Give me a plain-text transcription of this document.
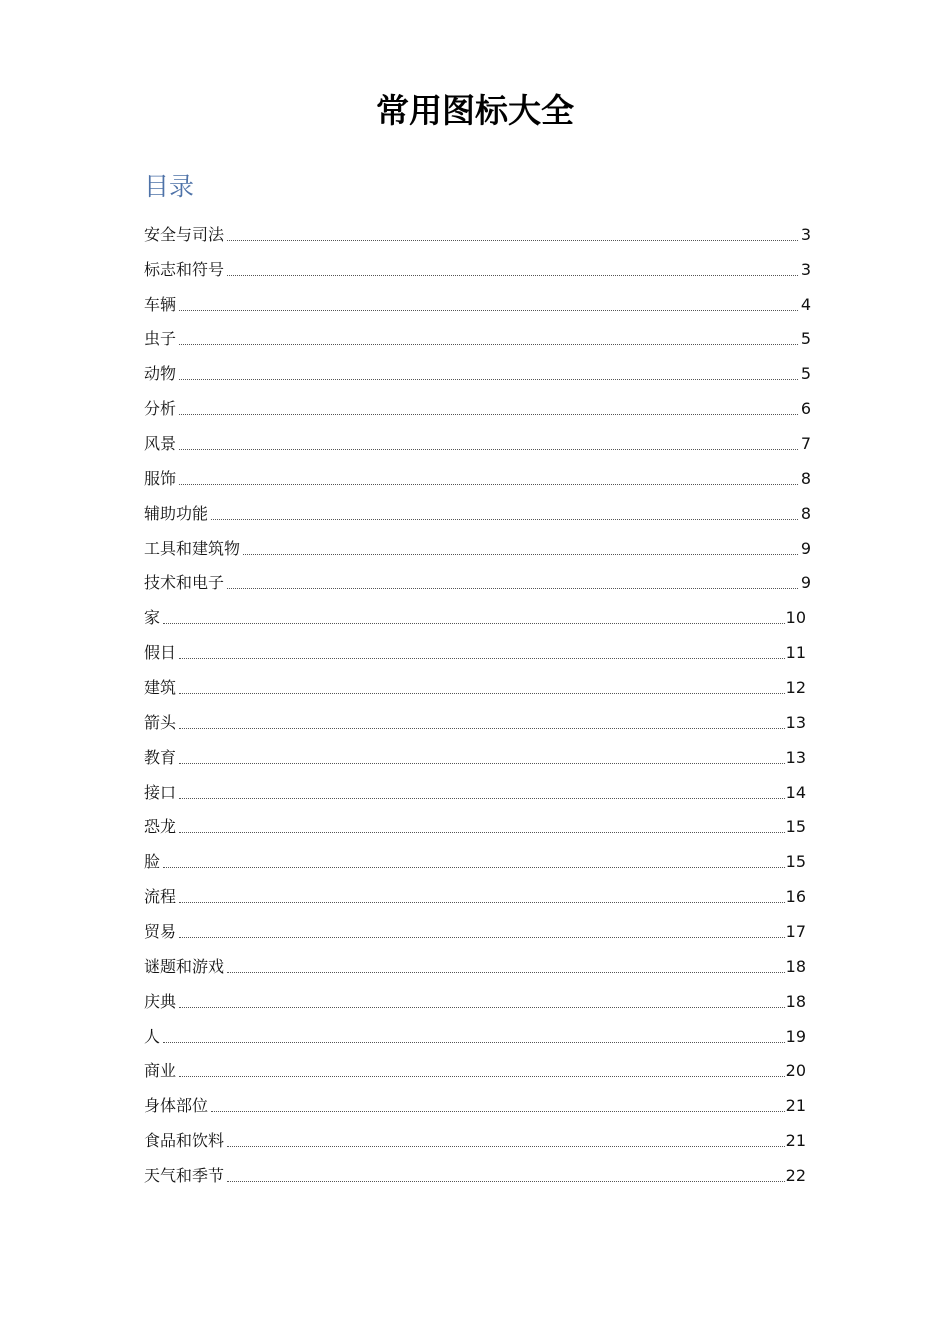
常用图标大全
目录
安全与司法	3
标志和符号	3
车辆	4
虫子	5
动物	5
分析	6
风景	7
服饰	8
辅助功能	8
工具和建筑物	9
技术和电子	9
家	10
假日	11
建筑	12
箭头	13
教育	13
接口	14
恐龙	15
脸	15
流程	16
贸易	17
谜题和游戏	18
庆典	18
人	19
商业	20
身体部位	21
食品和饮料	21
天气和季节	22
